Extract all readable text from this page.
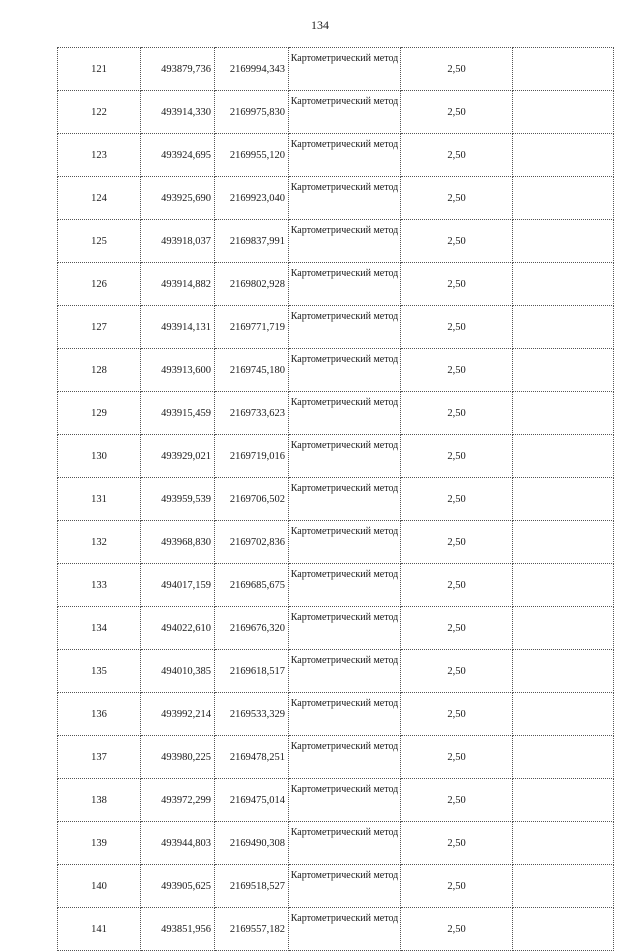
134
121	493879,736	2169994,343	Картометрический метод	2,50	
122	493914,330	2169975,830	Картометрический метод	2,50	
123	493924,695	2169955,120	Картометрический метод	2,50	
124	493925,690	2169923,040	Картометрический метод	2,50	
125	493918,037	2169837,991	Картометрический метод	2,50	
126	493914,882	2169802,928	Картометрический метод	2,50	
127	493914,131	2169771,719	Картометрический метод	2,50	
128	493913,600	2169745,180	Картометрический метод	2,50	
129	493915,459	2169733,623	Картометрический метод	2,50	
130	493929,021	2169719,016	Картометрический метод	2,50	
131	493959,539	2169706,502	Картометрический метод	2,50	
132	493968,830	2169702,836	Картометрический метод	2,50	
133	494017,159	2169685,675	Картометрический метод	2,50	
134	494022,610	2169676,320	Картометрический метод	2,50	
135	494010,385	2169618,517	Картометрический метод	2,50	
136	493992,214	2169533,329	Картометрический метод	2,50	
137	493980,225	2169478,251	Картометрический метод	2,50	
138	493972,299	2169475,014	Картометрический метод	2,50	
139	493944,803	2169490,308	Картометрический метод	2,50	
140	493905,625	2169518,527	Картометрический метод	2,50	
141	493851,956	2169557,182	Картометрический метод	2,50	
